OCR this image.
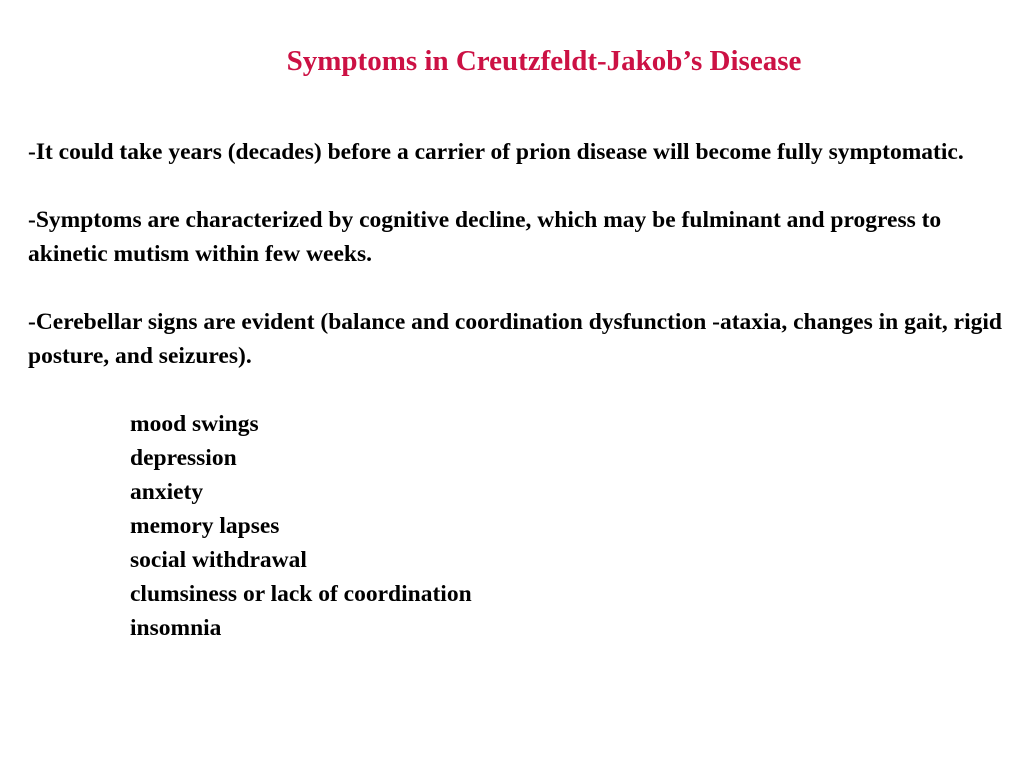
Symptoms in Creutzfeldt-Jakob’s Disease

-It could take years (decades) before a carrier of prion disease will become fully symptomatic.

-Symptoms are characterized by cognitive decline, which may be fulminant and progress to akinetic mutism within few weeks.

-Cerebellar signs are evident (balance and coordination dysfunction -ataxia, changes in gait, rigid posture, and seizures).

mood swings
depression
anxiety
memory lapses
social withdrawal
clumsiness or lack of coordination
insomnia
